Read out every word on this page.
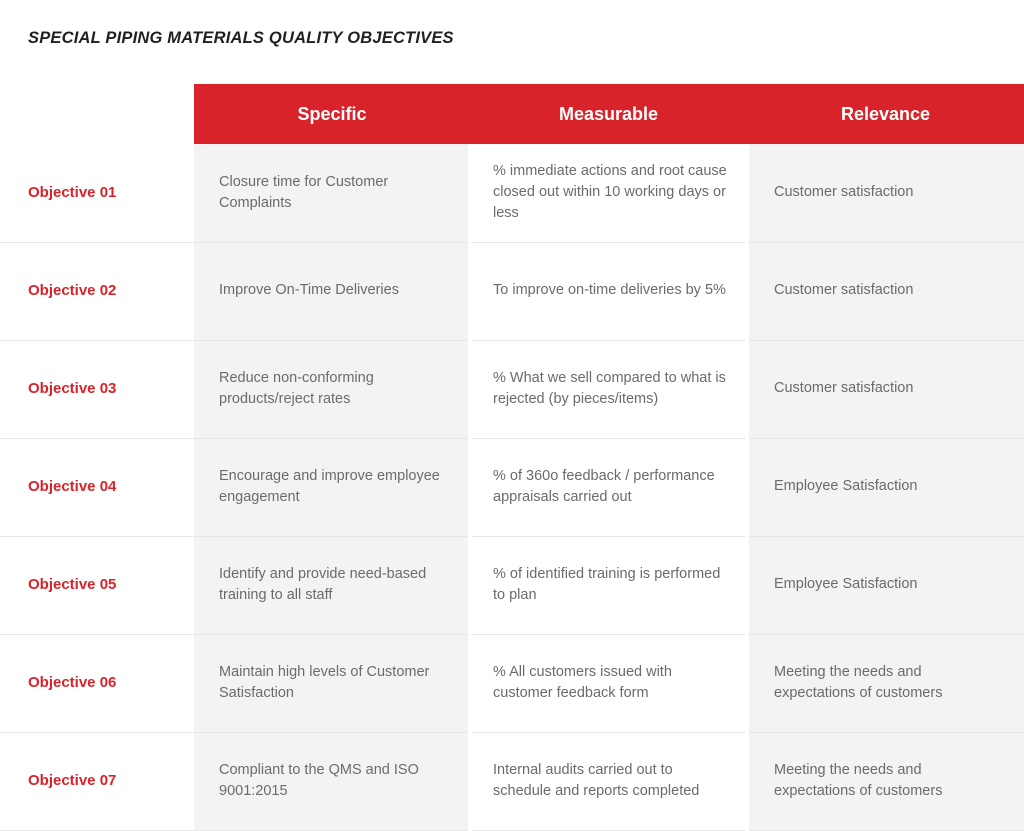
SPECIAL PIPING MATERIALS QUALITY OBJECTIVES
	Specific	Measurable	Relevance
Objective 01	Closure time for Customer Complaints	% immediate actions and root cause closed out within 10 working days or less	Customer satisfaction
Objective 02	Improve On-Time Deliveries	To improve on-time deliveries by 5%	Customer satisfaction
Objective 03	Reduce non-conforming products/reject rates	% What we sell compared to what is rejected (by pieces/items)	Customer satisfaction
Objective 04	Encourage and improve employee engagement	% of 360o feedback / performance appraisals carried out	Employee Satisfaction
Objective 05	Identify and provide need-based training to all staff	% of identified training is performed to plan	Employee Satisfaction
Objective 06	Maintain high levels of Customer Satisfaction	% All customers issued with customer feedback form	Meeting the needs and expectations of customers
Objective 07	Compliant to the QMS and ISO 9001:2015	Internal audits carried out to schedule and reports completed	Meeting the needs and expectations of customers
